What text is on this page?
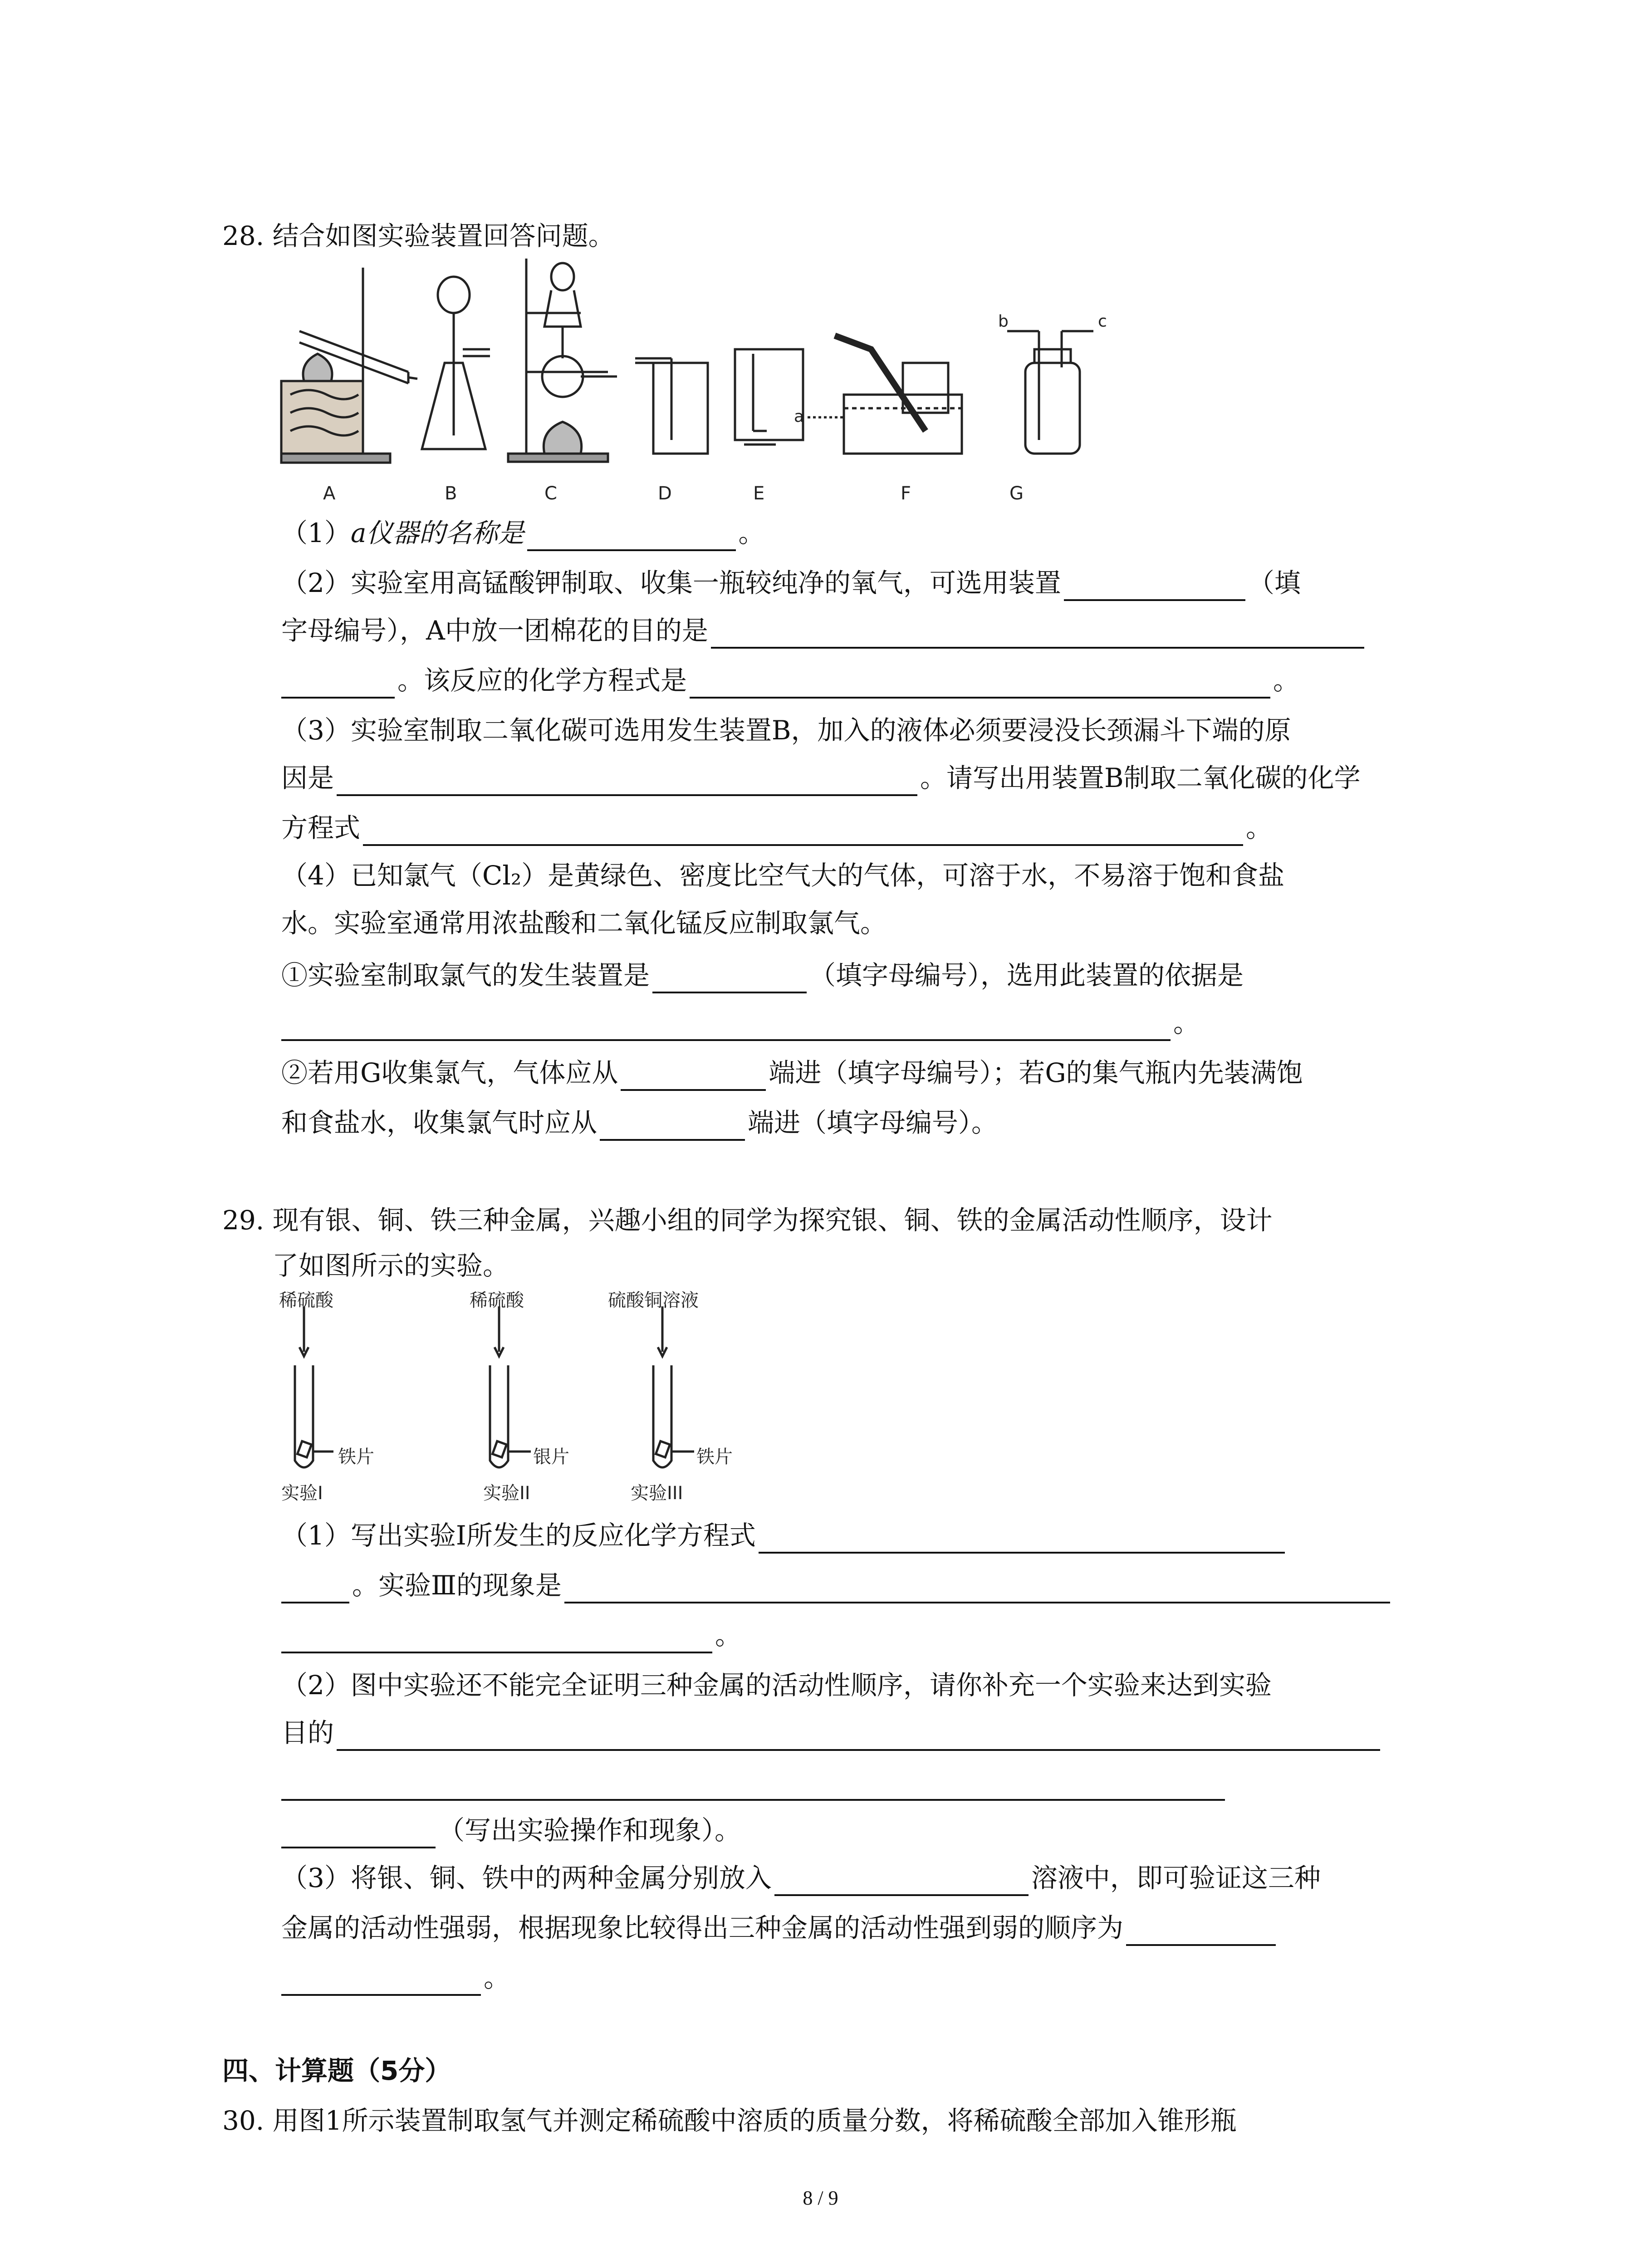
28. 结合如图实验装置回答问题。
a
b	c
A	B	C	D	E	F	G
（1）a仪器的名称是	。
（2）实验室用高锰酸钾制取、收集一瓶较纯净的氧气，可选用装置	（填
字母编号），A中放一团棉花的目的是
。该反应的化学方程式是	。
（3）实验室制取二氧化碳可选用发生装置B，加入的液体必须要浸没长颈漏斗下端的原
因是	。请写出用装置B制取二氧化碳的化学
方程式	。
（4）已知氯气（Cl₂）是黄绿色、密度比空气大的气体，可溶于水，不易溶于饱和食盐
水。实验室通常用浓盐酸和二氧化锰反应制取氯气。
①实验室制取氯气的发生装置是	（填字母编号），选用此装置的依据是
。
②若用G收集氯气，气体应从	端进（填字母编号）；若G的集气瓶内先装满饱
和食盐水，收集氯气时应从	端进（填字母编号）。
29. 现有银、铜、铁三种金属，兴趣小组的同学为探究银、铜、铁的金属活动性顺序，设计
了如图所示的实验。
稀硫酸	稀硫酸	硫酸铜溶液
铁片	银片	铁片
实验I	实验II	实验III
（1）写出实验Ⅰ所发生的反应化学方程式
。实验Ⅲ的现象是
。
（2）图中实验还不能完全证明三种金属的活动性顺序，请你补充一个实验来达到实验
目的
（写出实验操作和现象）。
（3）将银、铜、铁中的两种金属分别放入	溶液中，即可验证这三种
金属的活动性强弱，根据现象比较得出三种金属的活动性强到弱的顺序为
。
四、计算题（5分）
30. 用图1所示装置制取氢气并测定稀硫酸中溶质的质量分数，将稀硫酸全部加入锥形瓶
8 / 9
